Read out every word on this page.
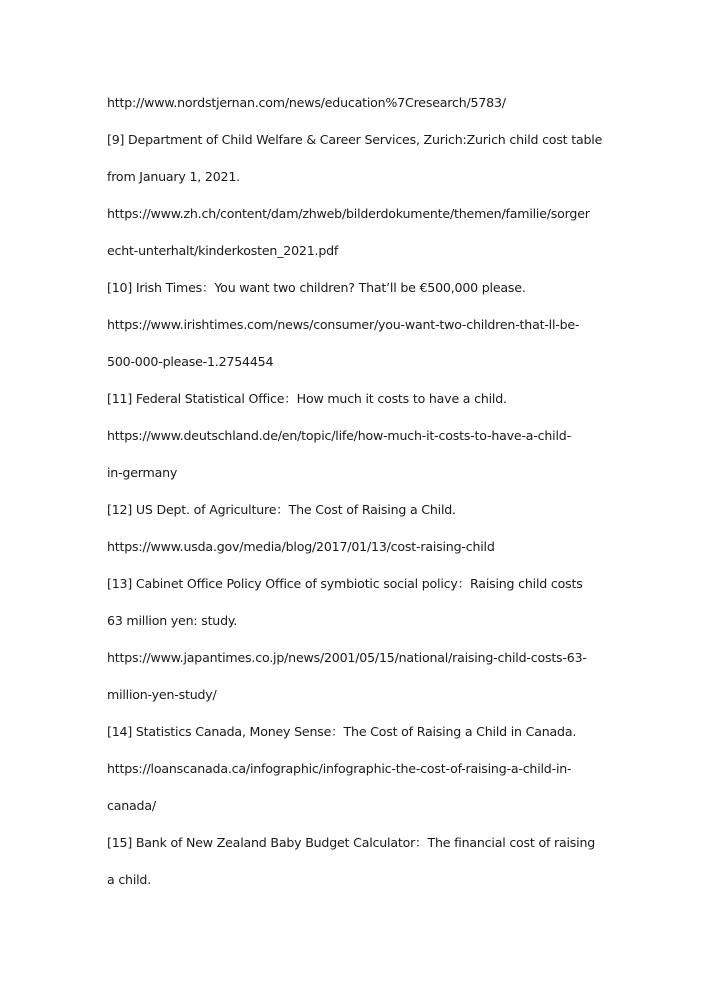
http://www.nordstjernan.com/news/education%7Cresearch/5783/
[9] Department of Child Welfare & Career Services, Zurich:Zurich child cost table
from January 1, 2021.
https://www.zh.ch/content/dam/zhweb/bilderdokumente/themen/familie/sorger
echt-unterhalt/kinderkosten_2021.pdf
[10] Irish Times：You want two children? That’ll be €500,000 please.
https://www.irishtimes.com/news/consumer/you-want-two-children-that-ll-be-
500-000-please-1.2754454
[11] Federal Statistical Office：How much it costs to have a child.
https://www.deutschland.de/en/topic/life/how-much-it-costs-to-have-a-child-
in-germany
[12] US Dept. of Agriculture：The Cost of Raising a Child.
https://www.usda.gov/media/blog/2017/01/13/cost-raising-child
[13] Cabinet Office Policy Office of symbiotic social policy：Raising child costs
63 million yen: study.
https://www.japantimes.co.jp/news/2001/05/15/national/raising-child-costs-63-
million-yen-study/
[14] Statistics Canada, Money Sense：The Cost of Raising a Child in Canada.
https://loanscanada.ca/infographic/infographic-the-cost-of-raising-a-child-in-
canada/
[15] Bank of New Zealand Baby Budget Calculator：The financial cost of raising
a child.
